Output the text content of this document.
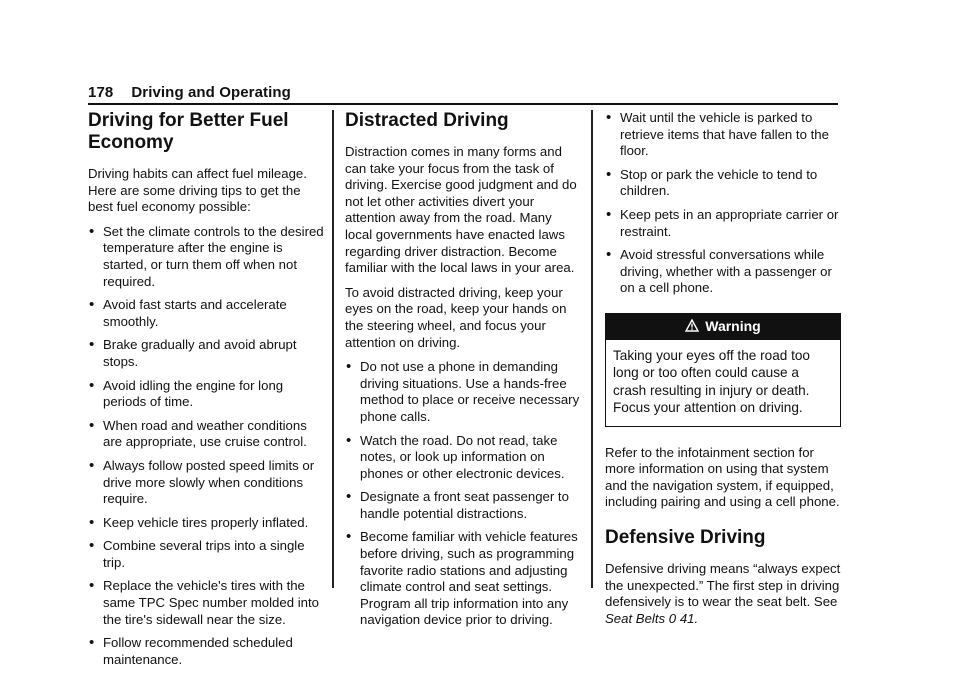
178 Driving and Operating
Driving for Better Fuel Economy

Driving habits can affect fuel mileage. Here are some driving tips to get the best fuel economy possible:

• Set the climate controls to the desired temperature after the engine is started, or turn them off when not required.
• Avoid fast starts and accelerate smoothly.
• Brake gradually and avoid abrupt stops.
• Avoid idling the engine for long periods of time.
• When road and weather conditions are appropriate, use cruise control.
• Always follow posted speed limits or drive more slowly when conditions require.
• Keep vehicle tires properly inflated.
• Combine several trips into a single trip.
• Replace the vehicle's tires with the same TPC Spec number molded into the tire's sidewall near the size.
• Follow recommended scheduled maintenance.
Distracted Driving

Distraction comes in many forms and can take your focus from the task of driving. Exercise good judgment and do not let other activities divert your attention away from the road. Many local governments have enacted laws regarding driver distraction. Become familiar with the local laws in your area.

To avoid distracted driving, keep your eyes on the road, keep your hands on the steering wheel, and focus your attention on driving.

• Do not use a phone in demanding driving situations. Use a hands-free method to place or receive necessary phone calls.
• Watch the road. Do not read, take notes, or look up information on phones or other electronic devices.
• Designate a front seat passenger to handle potential distractions.
• Become familiar with vehicle features before driving, such as programming favorite radio stations and adjusting climate control and seat settings. Program all trip information into any navigation device prior to driving.
• Wait until the vehicle is parked to retrieve items that have fallen to the floor.
• Stop or park the vehicle to tend to children.
• Keep pets in an appropriate carrier or restraint.
• Avoid stressful conversations while driving, whether with a passenger or on a cell phone.
Warning
Taking your eyes off the road too long or too often could cause a crash resulting in injury or death. Focus your attention on driving.

Refer to the infotainment section for more information on using that system and the navigation system, if equipped, including pairing and using a cell phone.

Defensive Driving

Defensive driving means “always expect the unexpected.” The first step in driving defensively is to wear the seat belt. See Seat Belts 0 41.
